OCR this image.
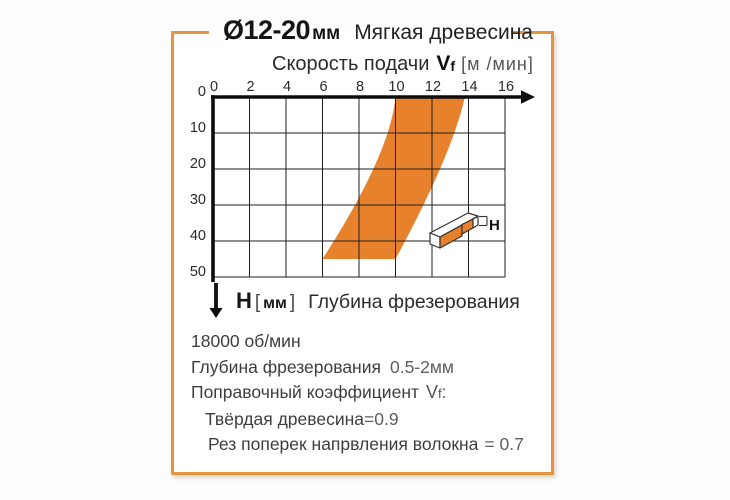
Ø12-20 мм Мягкая древесина
Скорость подачи V f [м /мин]
0 2 4 6 8 10 12 14 16
0
10
20
30
40
50
H
H [ мм ] Глубина фрезерования
18000 об/мин
Глубина фрезерования 0.5-2мм
Поправочный коэффициент Vf:
Твёрдая древесина=0.9
Рез поперек напрвления волокна = 0.7
